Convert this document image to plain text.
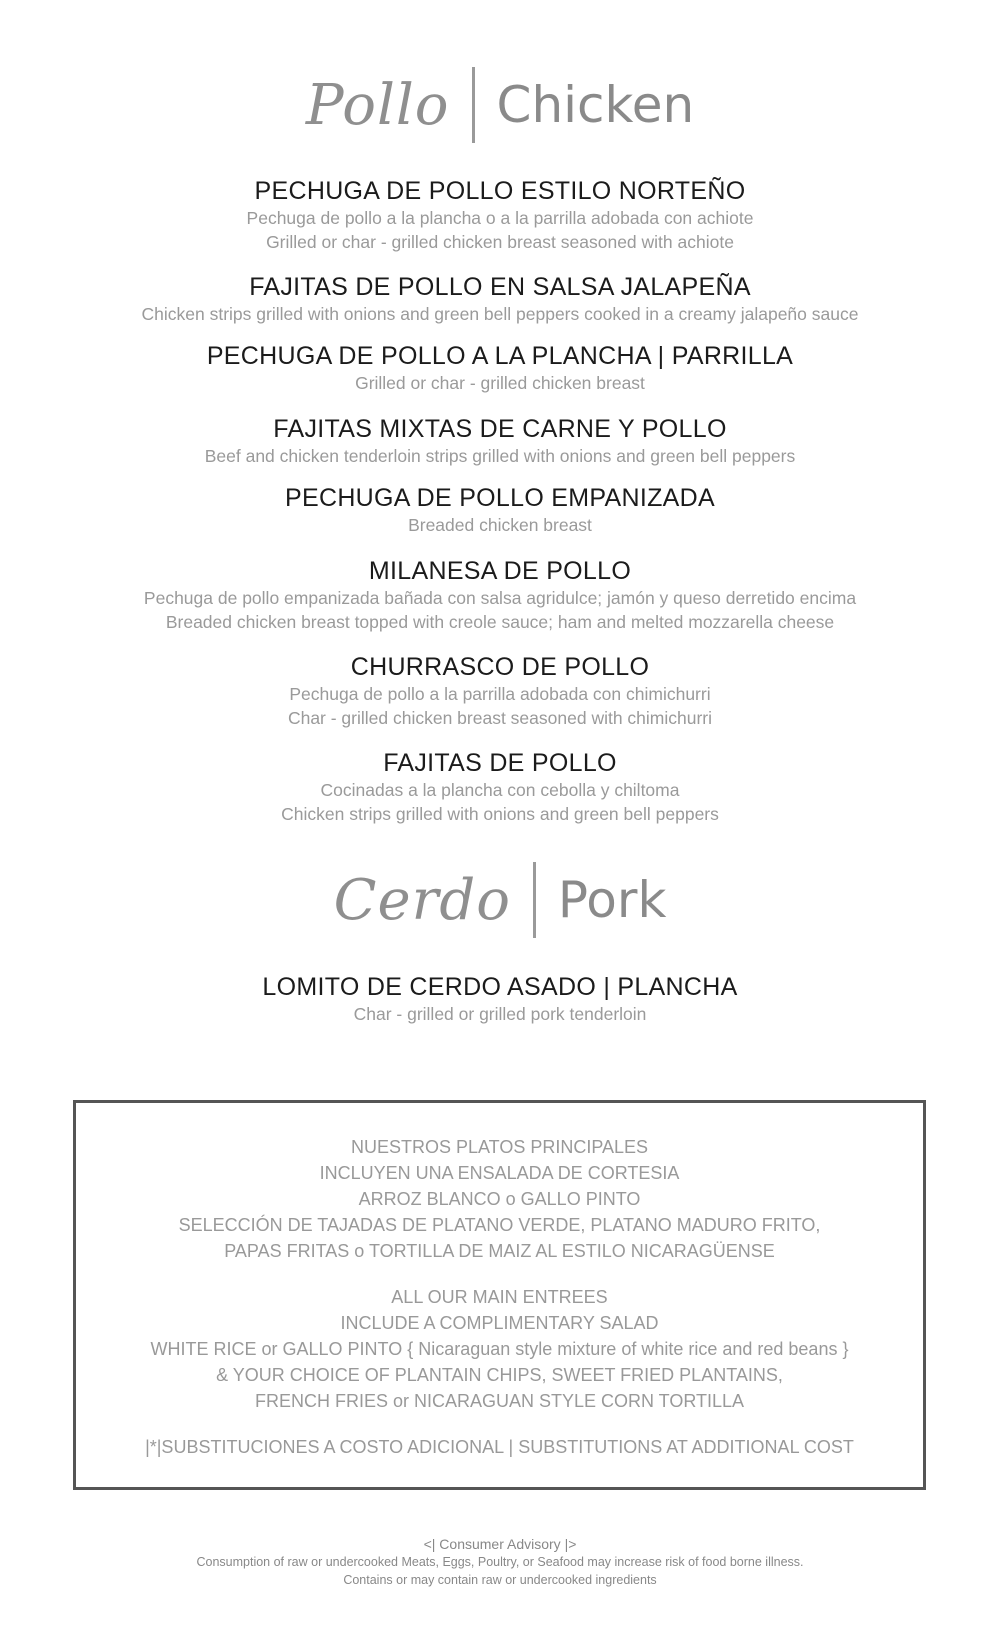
Pollo Chicken
PECHUGA DE POLLO ESTILO NORTEÑO
Pechuga de pollo a la plancha o a la parrilla adobada con achiote
Grilled or char - grilled chicken breast seasoned with achiote
FAJITAS DE POLLO EN SALSA JALAPEÑA
Chicken strips grilled with onions and green bell peppers cooked in a creamy jalapeño sauce
PECHUGA DE POLLO A LA PLANCHA | PARRILLA
Grilled or char - grilled chicken breast
FAJITAS MIXTAS DE CARNE Y POLLO
Beef and chicken tenderloin strips grilled with onions and green bell peppers
PECHUGA DE POLLO EMPANIZADA
Breaded chicken breast
MILANESA DE POLLO
Pechuga de pollo empanizada bañada con salsa agridulce; jamón y queso derretido encima
Breaded chicken breast topped with creole sauce; ham and melted mozzarella cheese
CHURRASCO DE POLLO
Pechuga de pollo a la parrilla adobada con chimichurri
Char - grilled chicken breast seasoned with chimichurri
FAJITAS DE POLLO
Cocinadas a la plancha con cebolla y chiltoma
Chicken strips grilled with onions and green bell peppers
Cerdo Pork
LOMITO DE CERDO ASADO | PLANCHA
Char - grilled or grilled pork tenderloin
NUESTROS PLATOS PRINCIPALES
INCLUYEN UNA ENSALADA DE CORTESIA
ARROZ BLANCO o GALLO PINTO
SELECCIÓN DE TAJADAS DE PLATANO VERDE, PLATANO MADURO FRITO,
PAPAS FRITAS o TORTILLA DE MAIZ AL ESTILO NICARAGÜENSE
ALL OUR MAIN ENTREES
INCLUDE A COMPLIMENTARY SALAD
WHITE RICE or GALLO PINTO { Nicaraguan style mixture of white rice and red beans }
& YOUR CHOICE OF PLANTAIN CHIPS, SWEET FRIED PLANTAINS,
FRENCH FRIES or NICARAGUAN STYLE CORN TORTILLA
|*|SUBSTITUCIONES A COSTO ADICIONAL | SUBSTITUTIONS AT ADDITIONAL COST
<| Consumer Advisory |>
Consumption of raw or undercooked Meats, Eggs, Poultry, or Seafood may increase risk of food borne illness.
Contains or may contain raw or undercooked ingredients
